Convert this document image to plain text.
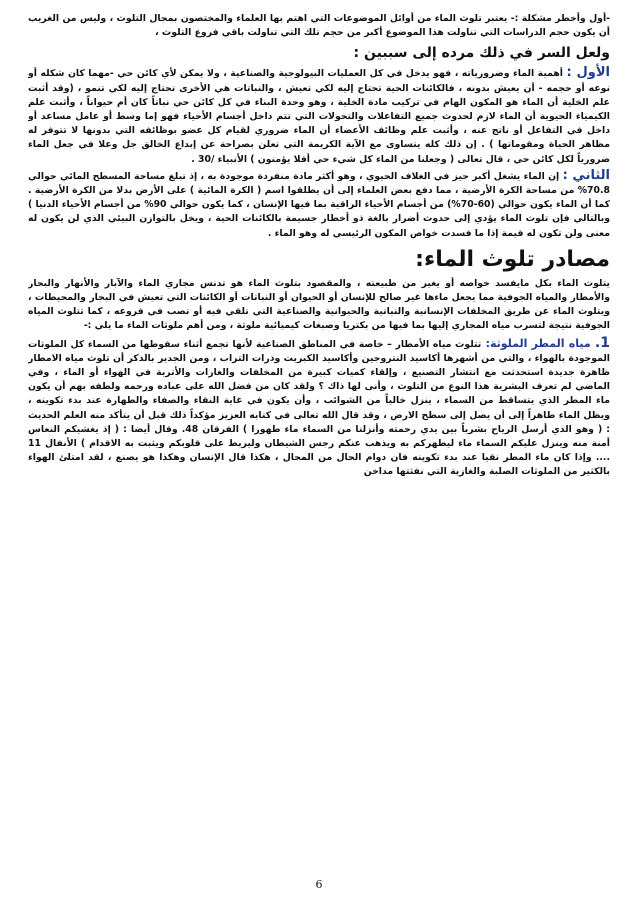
-أول وأخطر مشكلة :- يعتبر تلوث الماء من أوائل الموضوعات التي اهتم بها العلماء والمختصون بمجال التلوث ، وليس من الغريب أن يكون حجم الدراسات التي تناولت هذا الموضوع أكبر من حجم تلك التي تناولت باقي فروع التلوث ،

ولعل السر في ذلك مرده إلى سببين :

الأول : أهمية الماء وضرورياته ، فهو يدخل في كل العمليات البيولوجية والصناعية ، ولا يمكن لأي كائن حي -مهما كان شكله أو نوعه أو حجمه - أن يعيش بدونه ، فالكائنات الحية تحتاج إليه لكي تعيش ، والنباتات هي الأخرى تحتاج إليه لكي تنمو ، (وقد أثبت علم الخلية أن الماء هو المكون الهام في تركيب مادة الخلية ، وهو وحدة البناء في كل كائن حي نباتاً كان أم حيواناً ، وأثبت علم الكيمياء الحيوية أن الماء لازم لحدوث جميع التفاعلات والتحولات التي تتم داخل أجسام الأحياء فهو إما وسط أو عامل مساعد أو داخل في التفاعل أو ناتج عنه ، وأثبت علم وظائف الأعضاء أن الماء ضروري لقيام كل عضو بوظائفه التي بدونها لا تتوفر له مظاهر الحياة ومقوماتها ) . إن ذلك كله يتساوى مع الآية الكريمة التي تعلن بصراحة عن إبداع الخالق جل وعلا في جعل الماء ضرورياً لكل كائن حي ، قال تعالى ( وجعلنا من الماء كل شيء حي أفلا يؤمنون ) الأنبياء /30 .

الثاني : إن الماء يشغل أكبر حيز في الغلاف الحيوي ، وهو أكثر مادة منفردة موجودة به ، إذ تبلغ مساحة المسطح المائي حوالي 70.8% من مساحة الكرة الأرضية ، مما دفع بعض العلماء إلى أن يطلقوا اسم ( الكرة المائية ) على الأرض بدلا من الكرة الأرضية . كما أن الماء يكون حوالي (60-70%) من أجسام الأحياء الراقية بما فيها الإنسان ، كما يكون حوالي 90% من أجسام الأحياء الدنيا ) وبالتالي فإن تلوث الماء يؤدي إلى حدوث أضرار بالغة ذو أخطار جسيمة بالكائنات الحية ، ويخل بالتوازن البيئي الذي لن يكون له معنى ولن تكون له قيمة إذا ما فسدت خواص المكون الرئيسي له وهو الماء .

مصادر تلوث الماء:

يتلوث الماء بكل مايفسد خواصه أو يغير من طبيعته ، والمقصود بتلوث الماء هو تدنس مجاري الماء والآبار والأنهار والبحار والأمطار والمياه الجوفية مما يجعل ماءها غير صالح للإنسان أو الحيوان أو النباتات أو الكائنات التي تعيش في البحار والمحيطات ، ويتلوث الماء عن طريق المخلفات الإنسانية والنباتية والحيوانية والصناعية التي تلقي فيه أو تصب في فروعه ، كما تتلوث المياه الجوفية نتيجة لتسرب مياه المجاري إليها بما فيها من بكتريا وصبغات كيميائية ملوثة ، ومن أهم ملوثات الماء ما يلي :-

1. مياه المطر الملوثة: تتلوث مياه الأمطار – خاصة في المناطق الصناعية لأنها تجمع أثناء سقوطها من السماء كل الملوثات الموجودة بالهواء ، والتي من أشهرها أكاسيد النتروجين وأكاسيد الكبريت وذرات التراب ، ومن الجدير بالذكر أن تلوث مياه الامطار ظاهرة جديدة استحدثت مع انتشار التصنيع ، وإلقاء كميات كبيرة من المخلفات والغازات والأتربة في الهواء أو الماء ، وفي الماضي لم تعرف البشرية هذا النوع من التلوث ، وأنى لها ذاك ؟ ولقد كان من فضل الله على عباده ورحمه ولطفه بهم أن يكون ماء المطر الذي يتساقط من السماء ، ينزل خالياً من الشوائب ، وأن يكون في غاية النقاء والصفاء والطهارة عند بدء تكوينه ، ويظل الماء طاهراً إلى أن يصل إلى سطح الارض ، وقد قال الله تعالى في كتابه العزيز مؤكداً ذلك قبل أن يتأكد منه العلم الحديث : ( وهو الذي أرسل الرياح بشرياً بين يدي رحمته وأنزلنا من السماء ماء طهورا ) الفرقان 48. وقال أيضا : ( إذ يغشيكم النعاس أمنة منه وينزل عليكم السماء ماء ليطهركم به ويذهب عنكم رجس الشيطان وليربط على قلوبكم ويثبت به الاقدام ) الأنفال 11 .... وإذا كان ماء المطر نقيا عند بدء تكوينه فان دوام الحال من المحال ، هكذا قال الإنسان وهكذا هو يصنع ، لقد امتلئ الهواء بالكثير من الملوثات الصلبة والغازية التي نفثتها مداخن

6
